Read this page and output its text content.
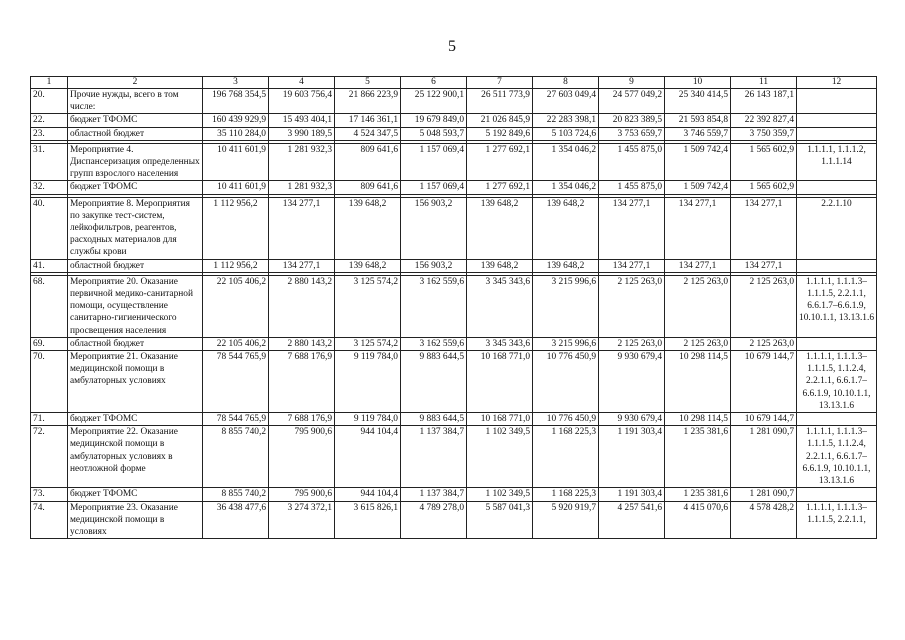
5
1	2	3	4	5	6	7	8	9	10	11	12
20.	Прочие нужды, всего в том числе:	196 768 354,5	19 603 756,4	21 866 223,9	25 122 900,1	26 511 773,9	27 603 049,4	24 577 049,2	25 340 414,5	26 143 187,1	
22.	бюджет ТФОМС	160 439 929,9	15 493 404,1	17 146 361,1	19 679 849,0	21 026 845,9	22 283 398,1	20 823 389,5	21 593 854,8	22 392 827,4	
23.	областной бюджет	35 110 284,0	3 990 189,5	4 524 347,5	5 048 593,7	5 192 849,6	5 103 724,6	3 753 659,7	3 746 559,7	3 750 359,7	

31.	Мероприятие 4. Диспансеризация определенных групп взрослого населения	10 411 601,9	1 281 932,3	809 641,6	1 157 069,4	1 277 692,1	1 354 046,2	1 455 875,0	1 509 742,4	1 565 602,9	1.1.1.1, 1.1.1.2, 1.1.1.14
32.	бюджет ТФОМС	10 411 601,9	1 281 932,3	809 641,6	1 157 069,4	1 277 692,1	1 354 046,2	1 455 875,0	1 509 742,4	1 565 602,9	

40.	Мероприятие 8. Мероприятия по закупке тест-систем, лейкофильтров, реагентов, расходных материалов для службы крови	1 112 956,2	134 277,1	139 648,2	156 903,2	139 648,2	139 648,2	134 277,1	134 277,1	134 277,1	2.2.1.10
41.	областной бюджет	1 112 956,2	134 277,1	139 648,2	156 903,2	139 648,2	139 648,2	134 277,1	134 277,1	134 277,1	

68.	Мероприятие 20. Оказание первичной медико-санитарной помощи, осуществление санитарно-гигиенического просвещения населения	22 105 406,2	2 880 143,2	3 125 574,2	3 162 559,6	3 345 343,6	3 215 996,6	2 125 263,0	2 125 263,0	2 125 263,0	1.1.1.1, 1.1.1.3–1.1.1.5, 2.2.1.1, 6.6.1.7–6.6.1.9, 10.10.1.1, 13.13.1.6
69.	областной бюджет	22 105 406,2	2 880 143,2	3 125 574,2	3 162 559,6	3 345 343,6	3 215 996,6	2 125 263,0	2 125 263,0	2 125 263,0	
70.	Мероприятие 21. Оказание медицинской помощи в амбулаторных условиях	78 544 765,9	7 688 176,9	9 119 784,0	9 883 644,5	10 168 771,0	10 776 450,9	9 930 679,4	10 298 114,5	10 679 144,7	1.1.1.1, 1.1.1.3–1.1.1.5, 1.1.2.4, 2.2.1.1, 6.6.1.7–6.6.1.9, 10.10.1.1, 13.13.1.6
71.	бюджет ТФОМС	78 544 765,9	7 688 176,9	9 119 784,0	9 883 644,5	10 168 771,0	10 776 450,9	9 930 679,4	10 298 114,5	10 679 144,7	
72.	Мероприятие 22. Оказание медицинской помощи в амбулаторных условиях в неотложной форме	8 855 740,2	795 900,6	944 104,4	1 137 384,7	1 102 349,5	1 168 225,3	1 191 303,4	1 235 381,6	1 281 090,7	1.1.1.1, 1.1.1.3–1.1.1.5, 1.1.2.4, 2.2.1.1, 6.6.1.7–6.6.1.9, 10.10.1.1, 13.13.1.6
73.	бюджет ТФОМС	8 855 740,2	795 900,6	944 104,4	1 137 384,7	1 102 349,5	1 168 225,3	1 191 303,4	1 235 381,6	1 281 090,7	
74.	Мероприятие 23. Оказание медицинской помощи в условиях	36 438 477,6	3 274 372,1	3 615 826,1	4 789 278,0	5 587 041,3	5 920 919,7	4 257 541,6	4 415 070,6	4 578 428,2	1.1.1.1, 1.1.1.3–1.1.1.5, 2.2.1.1,
